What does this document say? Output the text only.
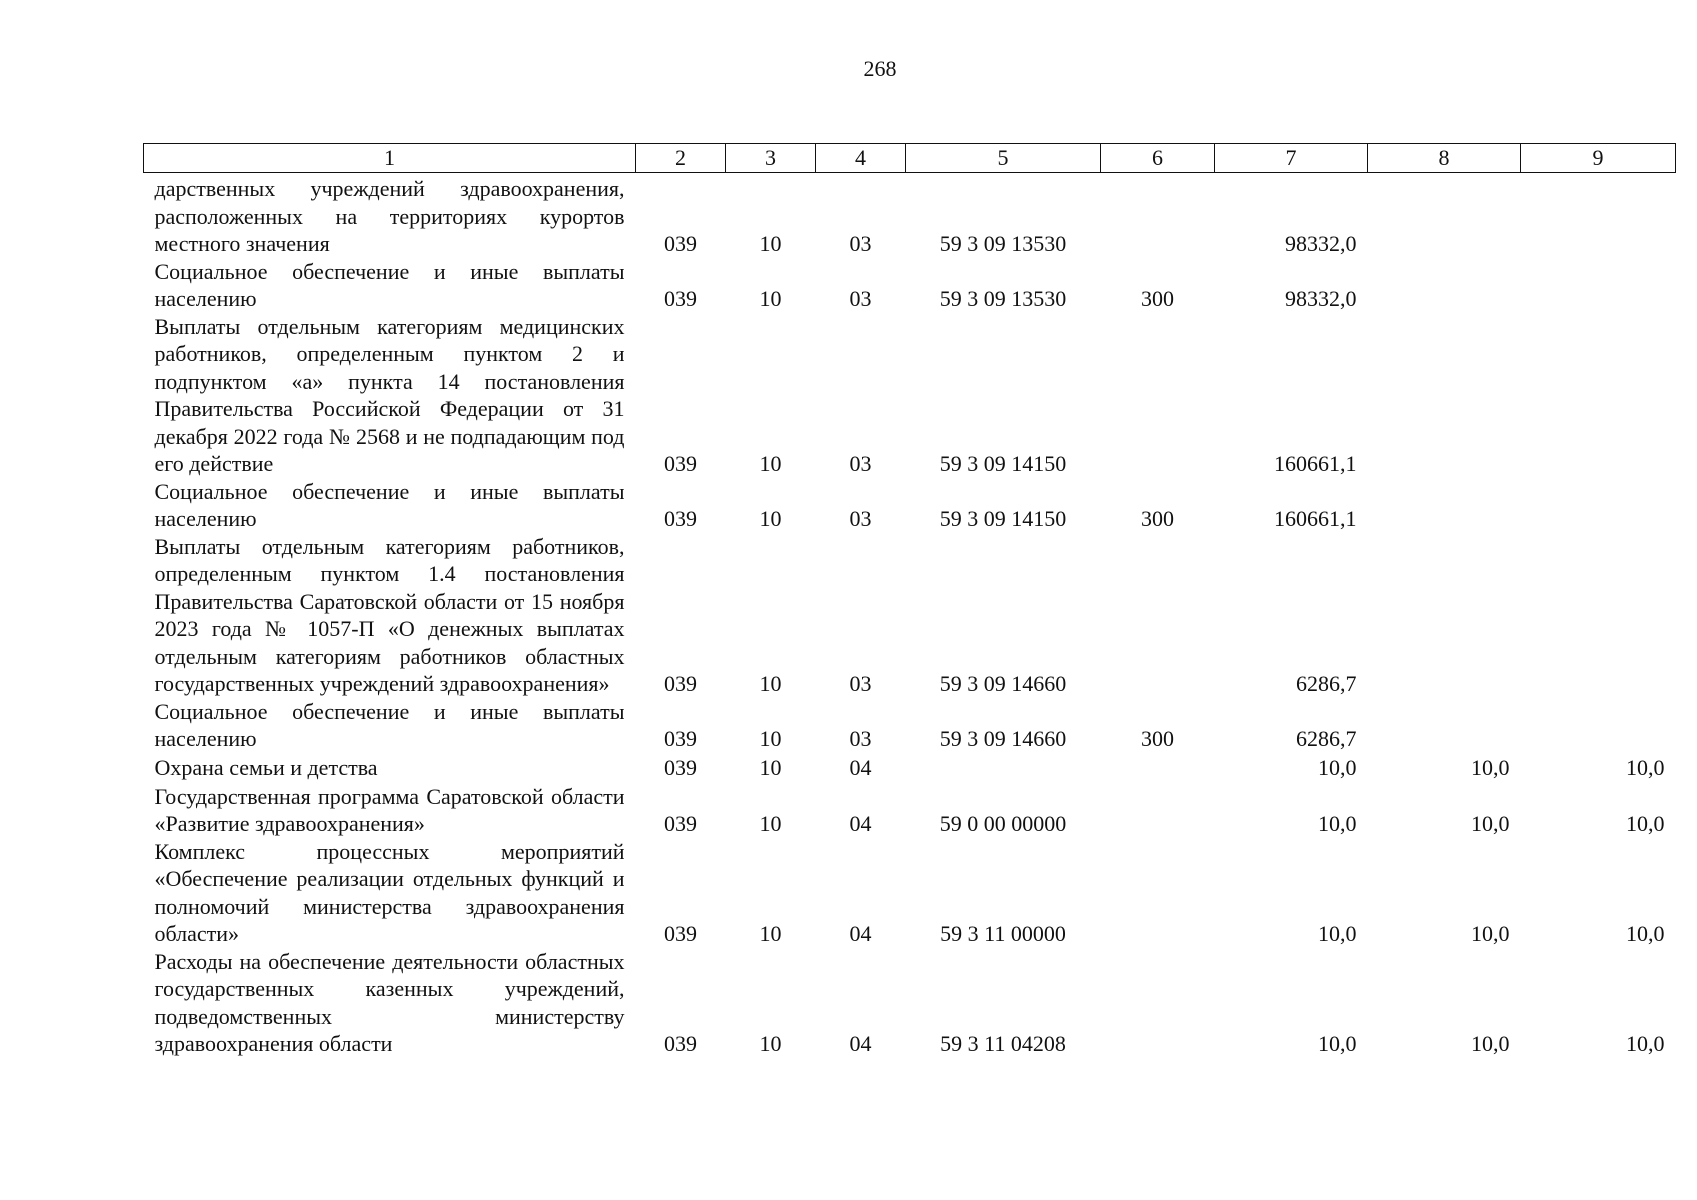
268
1	2	3	4	5	6	7	8	9
дарственных учреждений здравоохранения, расположенных на территориях курортов местного значения	039	10	03	59 3 09 13530		98332,0		
Социальное обеспечение и иные выплаты населению	039	10	03	59 3 09 13530	300	98332,0		
Выплаты отдельным категориям медицинских работников, определенным пунктом 2 и подпунктом «а» пункта 14 постановления Правительства Российской Федерации от 31 декабря 2022 года № 2568 и не подпадающим под его действие	039	10	03	59 3 09 14150		160661,1		
Социальное обеспечение и иные выплаты населению	039	10	03	59 3 09 14150	300	160661,1		
Выплаты отдельным категориям работников, определенным пунктом 1.4 постановления Правительства Саратовской области от 15 ноября 2023 года № 1057-П «О денежных выплатах отдельным категориям работников областных государственных учреждений здравоохранения»	039	10	03	59 3 09 14660		6286,7		
Социальное обеспечение и иные выплаты населению	039	10	03	59 3 09 14660	300	6286,7		
Охрана семьи и детства	039	10	04			10,0	10,0	10,0
Государственная программа Саратовской области «Развитие здравоохранения»	039	10	04	59 0 00 00000		10,0	10,0	10,0
Комплекс процессных мероприятий «Обеспечение реализации отдельных функций и полномочий министерства здравоохранения области»	039	10	04	59 3 11 00000		10,0	10,0	10,0
Расходы на обеспечение деятельности областных государственных казенных учреждений, подведомственных министерству здравоохранения области	039	10	04	59 3 11 04208		10,0	10,0	10,0
